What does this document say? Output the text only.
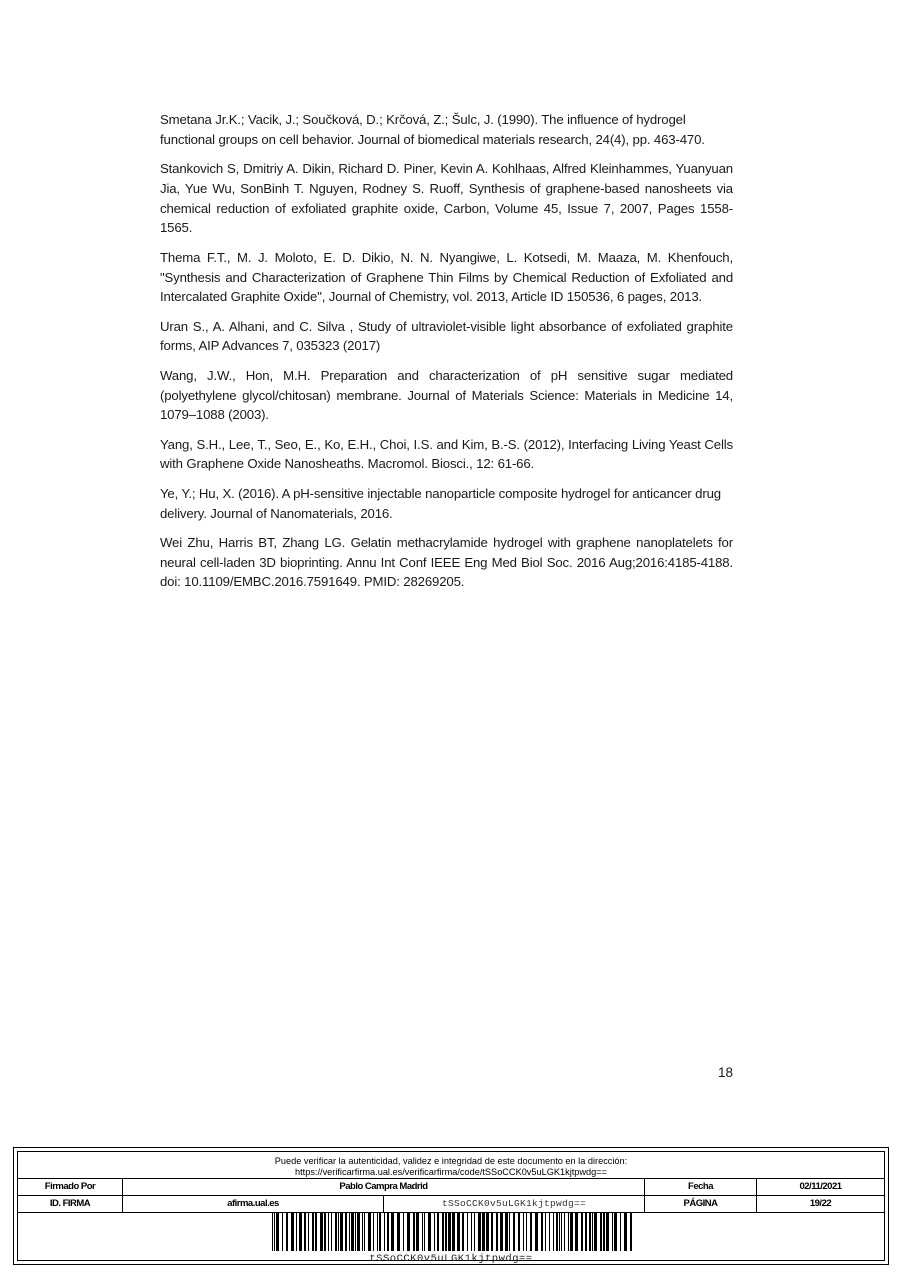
Smetana Jr.K.; Vacik, J.; Součková, D.; Krčová, Z.; Šulc, J. (1990). The influence of hydrogel functional groups on cell behavior. Journal of biomedical materials research, 24(4), pp. 463-470.

Stankovich S, Dmitriy A. Dikin, Richard D. Piner, Kevin A. Kohlhaas, Alfred Kleinhammes, Yuanyuan Jia, Yue Wu, SonBinh T. Nguyen, Rodney S. Ruoff, Synthesis of graphene-based nanosheets via chemical reduction of exfoliated graphite oxide, Carbon, Volume 45, Issue 7, 2007, Pages 1558-1565.

Thema F.T., M. J. Moloto, E. D. Dikio, N. N. Nyangiwe, L. Kotsedi, M. Maaza, M. Khenfouch, "Synthesis and Characterization of Graphene Thin Films by Chemical Reduction of Exfoliated and Intercalated Graphite Oxide", Journal of Chemistry, vol. 2013, Article ID 150536, 6 pages, 2013.

Uran S., A. Alhani, and C. Silva , Study of ultraviolet-visible light absorbance of exfoliated graphite forms, AIP Advances 7, 035323 (2017)

Wang, J.W., Hon, M.H. Preparation and characterization of pH sensitive sugar mediated (polyethylene glycol/chitosan) membrane. Journal of Materials Science: Materials in Medicine 14, 1079–1088 (2003).

Yang, S.H., Lee, T., Seo, E., Ko, E.H., Choi, I.S. and Kim, B.-S. (2012), Interfacing Living Yeast Cells with Graphene Oxide Nanosheaths. Macromol. Biosci., 12: 61-66.

Ye, Y.; Hu, X. (2016). A pH-sensitive injectable nanoparticle composite hydrogel for anticancer drug delivery. Journal of Nanomaterials, 2016.

Wei Zhu, Harris BT, Zhang LG. Gelatin methacrylamide hydrogel with graphene nanoplatelets for neural cell-laden 3D bioprinting. Annu Int Conf IEEE Eng Med Biol Soc. 2016 Aug;2016:4185-4188. doi: 10.1109/EMBC.2016.7591649. PMID: 28269205.

18
Puede verificar la autenticidad, validez e integridad de este documento en la dirección:
https://verificarfirma.ual.es/verificarfirma/code/tSSoCCK0v5uLGK1kjtpwdg==
Firmado Por	Pablo Campra Madrid	Fecha	02/11/2021
ID. FIRMA	afirma.ual.es	tSSoCCK0v5uLGK1kjtpwdg==	PÁGINA	19/22
tSSoCCK0v5uLGK1kjtpwdg==
